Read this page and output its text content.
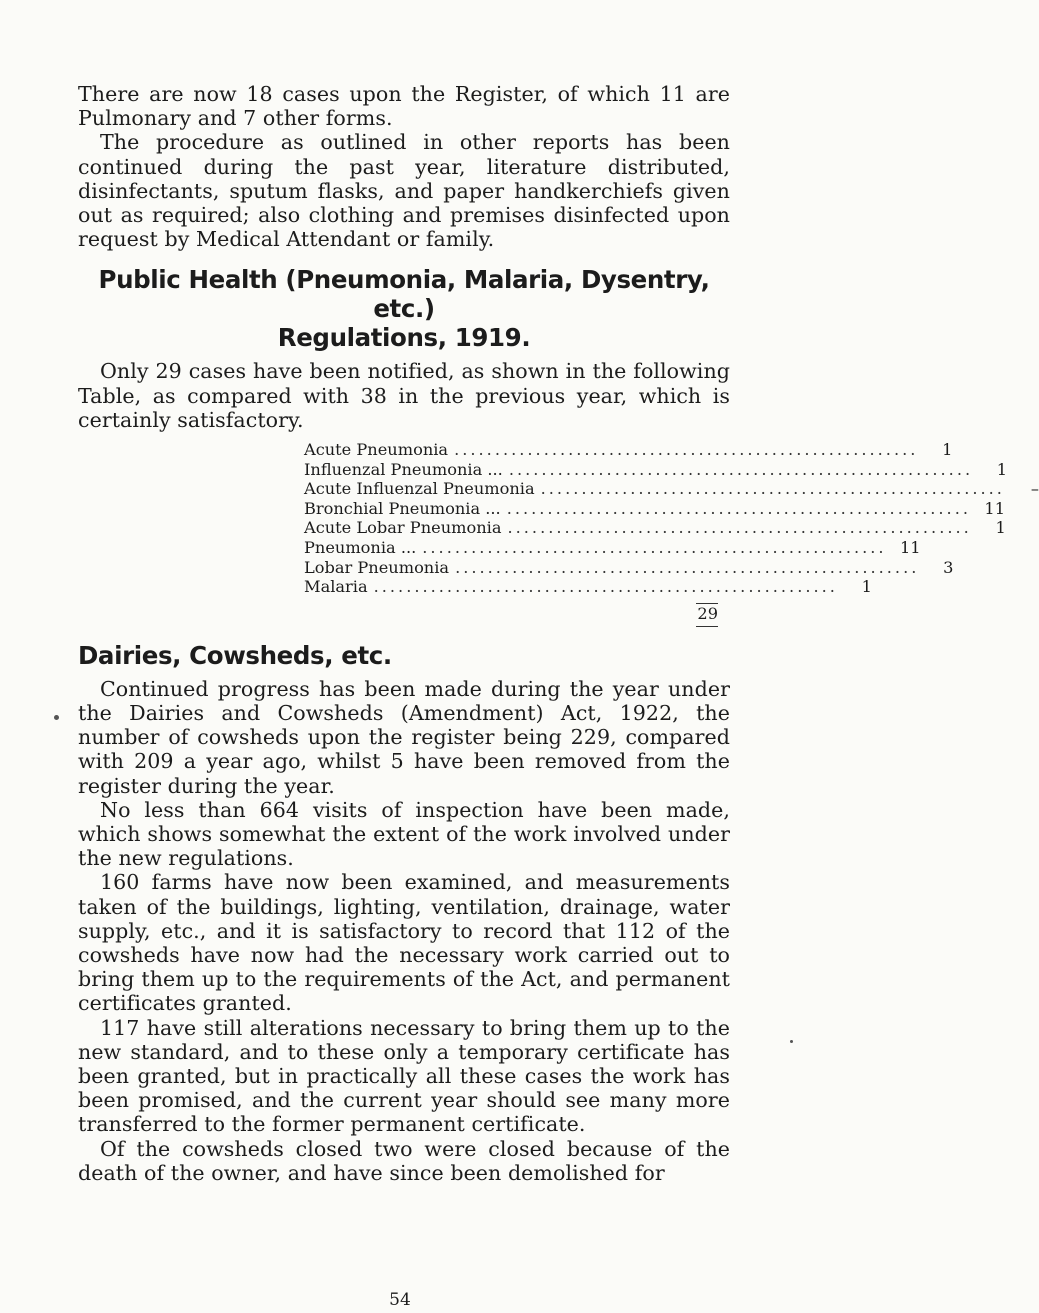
There are now 18 cases upon the Register, of which 11 are Pulmonary and 7 other forms.

The procedure as outlined in other reports has been continued during the past year, literature distributed, disinfectants, sputum flasks, and paper handkerchiefs given out as required; also clothing and premises disinfected upon request by Medical Attendant or family.

Public Health (Pneumonia, Malaria, Dysentry, etc.)
Regulations, 1919.

Only 29 cases have been notified, as shown in the following Table, as compared with 38 in the previous year, which is certainly satisfactory.

Acute Pneumonia .........................................................	1
Influenzal Pneumonia ... .........................................................	1
Acute Influenzal Pneumonia .........................................................	–
Bronchial Pneumonia ... ......................................................... 11
Acute Lobar Pneumonia .........................................................	1
Pneumonia ... ......................................................... 11
Lobar Pneumonia .........................................................	3
Malaria .........................................................	1
29
Dairies, Cowsheds, etc.

Continued progress has been made during the year under the Dairies and Cowsheds (Amendment) Act, 1922, the number of cowsheds upon the register being 229, compared with 209 a year ago, whilst 5 have been removed from the register during the year.

No less than 664 visits of inspection have been made, which shows somewhat the extent of the work involved under the new regulations.

160 farms have now been examined, and measurements taken of the buildings, lighting, ventilation, drainage, water supply, etc., and it is satisfactory to record that 112 of the cowsheds have now had the necessary work carried out to bring them up to the requirements of the Act, and permanent certificates granted.

117 have still alterations necessary to bring them up to the new standard, and to these only a temporary certificate has been granted, but in practically all these cases the work has been promised, and the current year should see many more transferred to the former permanent certificate.

Of the cowsheds closed two were closed because of the death of the owner, and have since been demolished for

54
